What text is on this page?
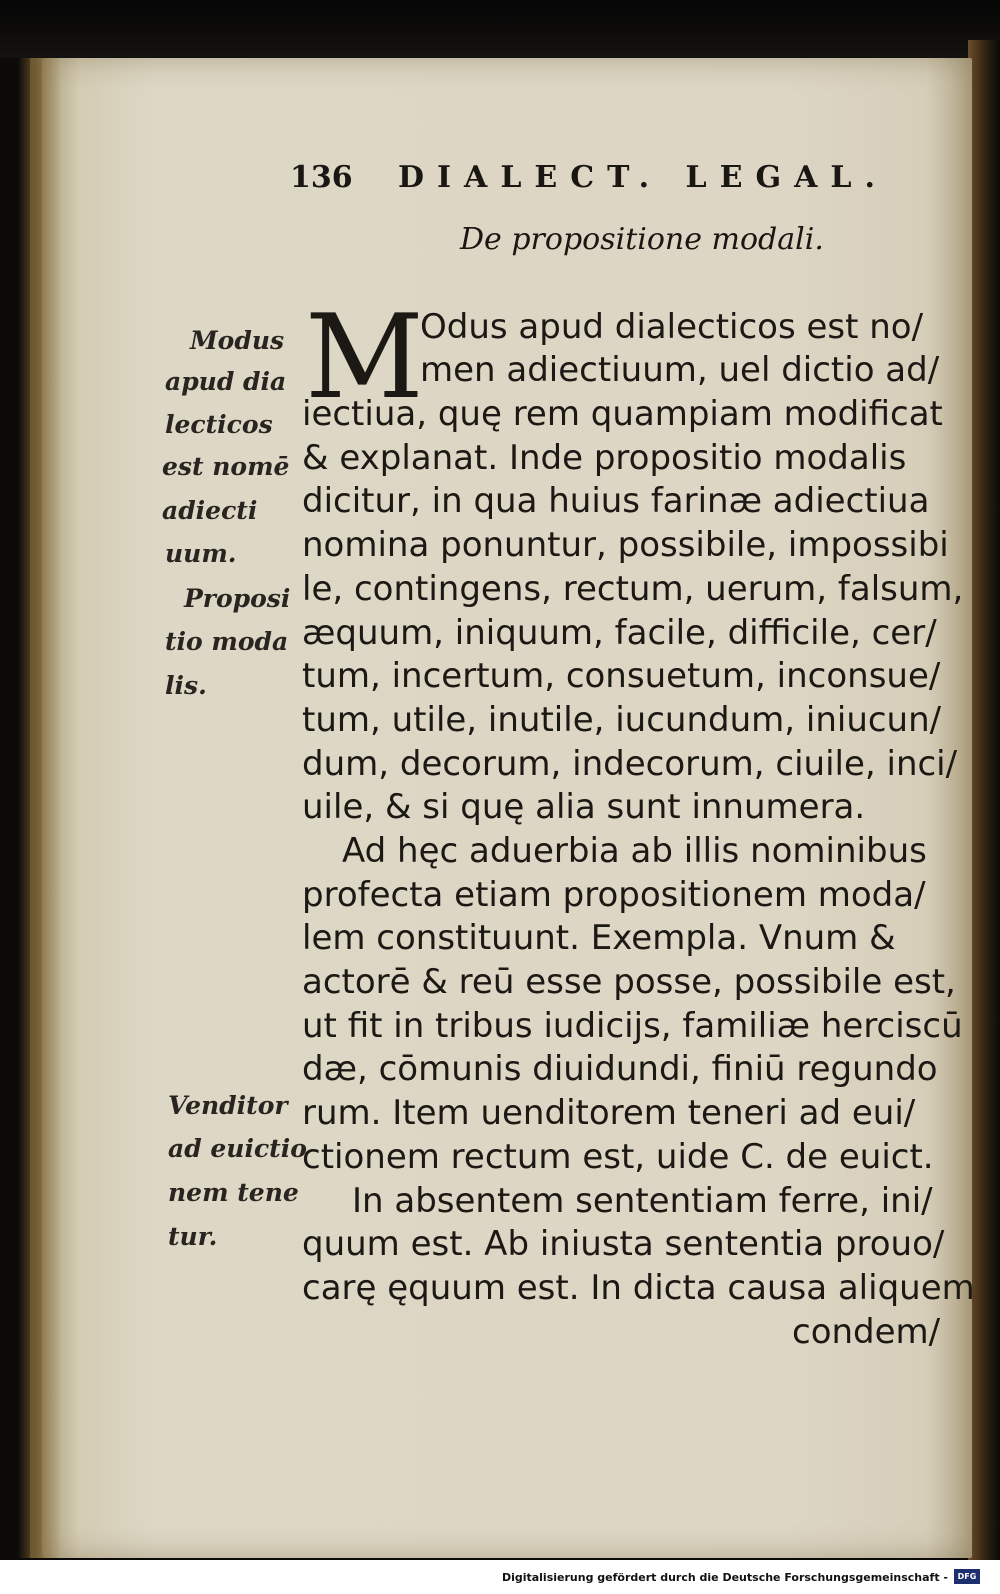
136 DIALECT. LEGAL.
De propositione modali.
M
Odus apud dialecticos est no/
men adiectiuum, uel dictio ad/
iectiua, quę rem quampiam modificat
& explanat. Inde propositio modalis
dicitur, in qua huius farinæ adiectiua
nomina ponuntur, possibile, impossibi
le, contingens, rectum, uerum, falsum,
æquum, iniquum, facile, difficile, cer/
tum, incertum, consuetum, inconsue/
tum, utile, inutile, iucundum, iniucun/
dum, decorum, indecorum, ciuile, inci/
uile, & si quę alia sunt innumera.
Ad hęc aduerbia ab illis nominibus
profecta etiam propositionem moda/
lem constituunt. Exempla. Vnum &
actorē & reū esse posse, possibile est,
ut fit in tribus iudicijs, familiæ herciscū
dæ, cōmunis diuidundi, finiū regundo
rum. Item uenditorem teneri ad eui/
ctionem rectum est, uide C. de euict.
In absentem sententiam ferre, ini/
quum est. Ab iniusta sententia prouo/
carę ęquum est. In dicta causa aliquem
condem/
Modus
apud dia
lecticos
est nomē
adiecti
uum.
Proposi
tio moda
lis.
Venditor
ad euictio
nem tene
tur.
Digitalisierung gefördert durch die Deutsche Forschungsgemeinschaft -	DFG
